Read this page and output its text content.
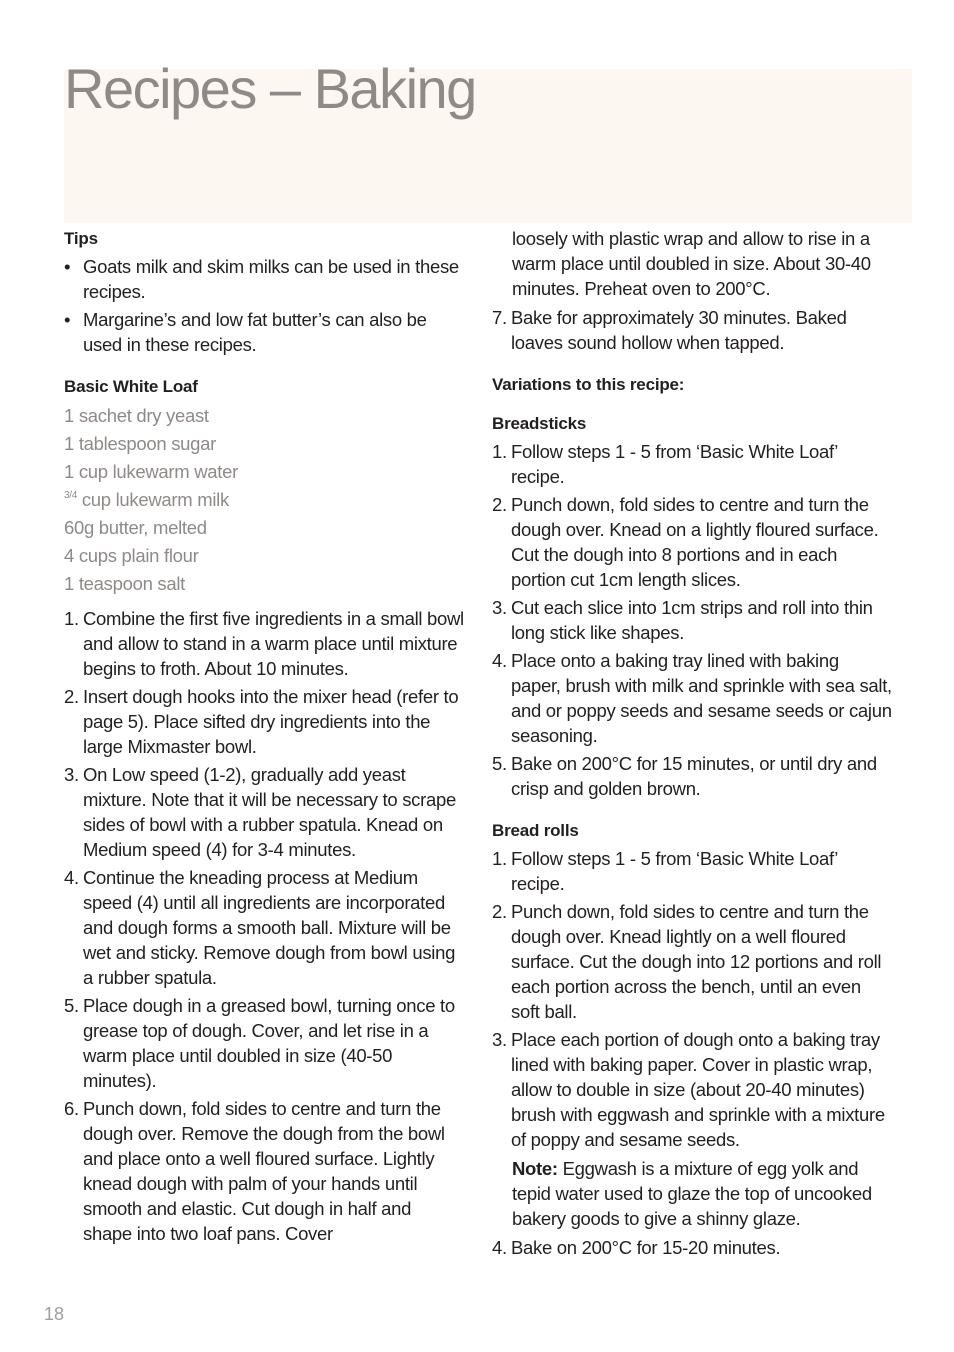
Recipes – Baking
Tips
• Goats milk and skim milks can be used in these recipes.
• Margarine’s and low fat butter’s can also be used in these recipes.
Basic White Loaf
1 sachet dry yeast
1 tablespoon sugar
1 cup lukewarm water
$^{3/4}$ cup lukewarm milk
60g butter, melted
4 cups plain flour
1 teaspoon salt
1. Combine the first five ingredients in a small bowl and allow to stand in a warm place until mixture begins to froth. About 10 minutes.
2. Insert dough hooks into the mixer head (refer to page 5). Place sifted dry ingredients into the large Mixmaster bowl.
3. On Low speed (1-2), gradually add yeast mixture. Note that it will be necessary to scrape sides of bowl with a rubber spatula. Knead on Medium speed (4) for 3-4 minutes.
4. Continue the kneading process at Medium speed (4) until all ingredients are incorporated and dough forms a smooth ball. Mixture will be wet and sticky. Remove dough from bowl using a rubber spatula.
5. Place dough in a greased bowl, turning once to grease top of dough. Cover, and let rise in a warm place until doubled in size (40-50 minutes).
6. Punch down, fold sides to centre and turn the dough over. Remove the dough from the bowl and place onto a well floured surface. Lightly knead dough with palm of your hands until smooth and elastic. Cut dough in half and shape into two loaf pans. Cover
loosely with plastic wrap and allow to rise in a warm place until doubled in size. About 30-40 minutes. Preheat oven to 200°C.
7. Bake for approximately 30 minutes. Baked loaves sound hollow when tapped.
Variations to this recipe:
Breadsticks
1. Follow steps 1 - 5 from ‘Basic White Loaf’ recipe.
2. Punch down, fold sides to centre and turn the dough over. Knead on a lightly floured surface. Cut the dough into 8 portions and in each portion cut 1cm length slices.
3. Cut each slice into 1cm strips and roll into thin long stick like shapes.
4. Place onto a baking tray lined with baking paper, brush with milk and sprinkle with sea salt, and or poppy seeds and sesame seeds or cajun seasoning.
5. Bake on 200°C for 15 minutes, or until dry and crisp and golden brown.
Bread rolls
1. Follow steps 1 - 5 from ‘Basic White Loaf’ recipe.
2. Punch down, fold sides to centre and turn the dough over. Knead lightly on a well floured surface. Cut the dough into 12 portions and roll each portion across the bench, until an even soft ball.
3. Place each portion of dough onto a baking tray lined with baking paper. Cover in plastic wrap, allow to double in size (about 20-40 minutes) brush with eggwash and sprinkle with a mixture of poppy and sesame seeds.
Note: Eggwash is a mixture of egg yolk and tepid water used to glaze the top of uncooked bakery goods to give a shinny glaze.
4. Bake on 200°C for 15-20 minutes.
18
